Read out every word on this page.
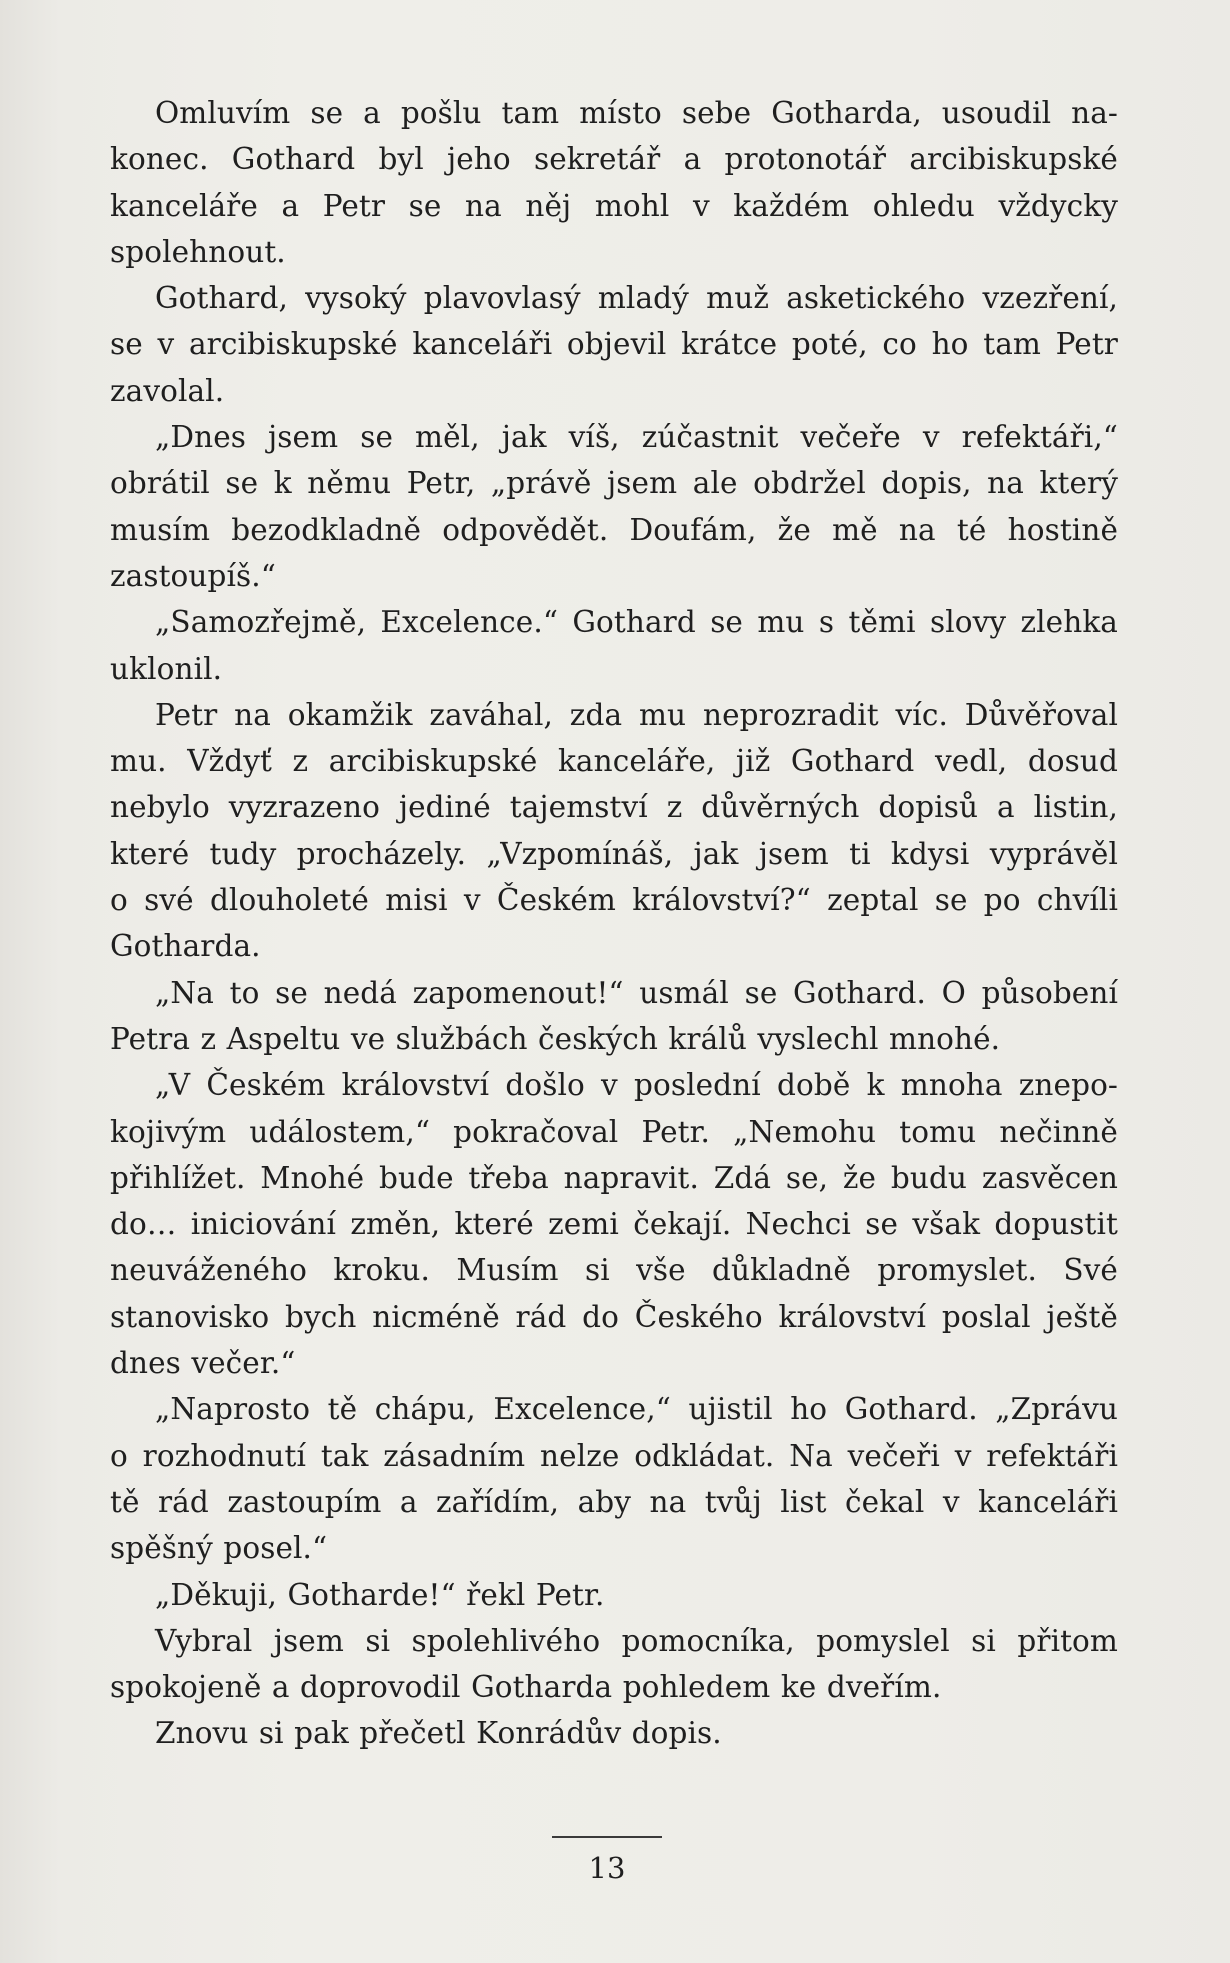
Omluvím se a pošlu tam místo sebe Gotharda, usoudil na-
konec. Gothard byl jeho sekretář a protonotář arcibiskupské
kanceláře a Petr se na něj mohl v každém ohledu vždycky
spolehnout.
Gothard, vysoký plavovlasý mladý muž asketického vzezření,
se v arcibiskupské kanceláři objevil krátce poté, co ho tam Petr
zavolal.
„Dnes jsem se měl, jak víš, zúčastnit večeře v refektáři,“
obrátil se k němu Petr, „právě jsem ale obdržel dopis, na který
musím bezodkladně odpovědět. Doufám, že mě na té hostině
zastoupíš.“
„Samozřejmě, Excelence.“ Gothard se mu s těmi slovy zlehka
uklonil.
Petr na okamžik zaváhal, zda mu neprozradit víc. Důvěřoval
mu. Vždyť z arcibiskupské kanceláře, již Gothard vedl, dosud
nebylo vyzrazeno jediné tajemství z důvěrných dopisů a listin,
které tudy procházely. „Vzpomínáš, jak jsem ti kdysi vyprávěl
o své dlouholeté misi v Českém království?“ zeptal se po chvíli
Gotharda.
„Na to se nedá zapomenout!“ usmál se Gothard. O působení
Petra z Aspeltu ve službách českých králů vyslechl mnohé.
„V Českém království došlo v poslední době k mnoha znepo-
kojivým událostem,“ pokračoval Petr. „Nemohu tomu nečinně
přihlížet. Mnohé bude třeba napravit. Zdá se, že budu zasvěcen
do… iniciování změn, které zemi čekají. Nechci se však dopustit
neuváženého kroku. Musím si vše důkladně promyslet. Své
stanovisko bych nicméně rád do Českého království poslal ještě
dnes večer.“
„Naprosto tě chápu, Excelence,“ ujistil ho Gothard. „Zprávu
o rozhodnutí tak zásadním nelze odkládat. Na večeři v refektáři
tě rád zastoupím a zařídím, aby na tvůj list čekal v kanceláři
spěšný posel.“
„Děkuji, Gotharde!“ řekl Petr.
Vybral jsem si spolehlivého pomocníka, pomyslel si přitom
spokojeně a doprovodil Gotharda pohledem ke dveřím.
Znovu si pak přečetl Konrádův dopis.
13
